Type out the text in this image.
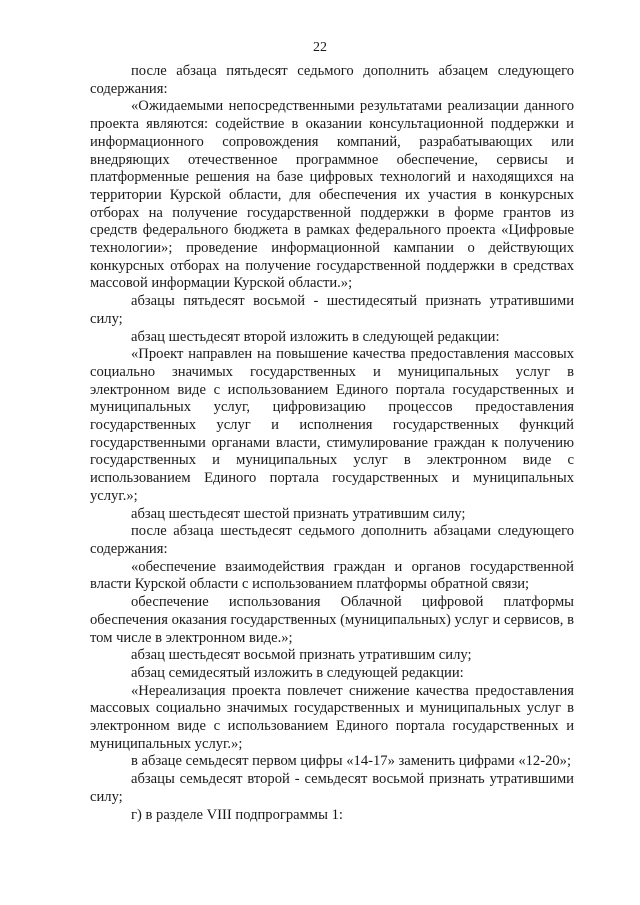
22

после абзаца пятьдесят седьмого дополнить абзацем следующего содержания:

«Ожидаемыми непосредственными результатами реализации данного проекта являются: содействие в оказании консультационной поддержки и информационного сопровождения компаний, разрабатывающих или внедряющих отечественное программное обеспечение, сервисы и платформенные решения на базе цифровых технологий и находящихся на территории Курской области, для обеспечения их участия в конкурсных отборах на получение государственной поддержки в форме грантов из средств федерального бюджета в рамках федерального проекта «Цифровые технологии»; проведение информационной кампании о действующих конкурсных отборах на получение государственной поддержки в средствах массовой информации Курской области.»;

абзацы пятьдесят восьмой - шестидесятый признать утратившими силу;

абзац шестьдесят второй изложить в следующей редакции:

«Проект направлен на повышение качества предоставления массовых социально значимых государственных и муниципальных услуг в электронном виде с использованием Единого портала государственных и муниципальных услуг, цифровизацию процессов предоставления государственных услуг и исполнения государственных функций государственными органами власти, стимулирование граждан к получению государственных и муниципальных услуг в электронном виде с использованием Единого портала государственных и муниципальных услуг.»;

абзац шестьдесят шестой признать утратившим силу;

после абзаца шестьдесят седьмого дополнить абзацами следующего содержания:

«обеспечение взаимодействия граждан и органов государственной власти Курской области с использованием платформы обратной связи;

обеспечение использования Облачной цифровой платформы обеспечения оказания государственных (муниципальных) услуг и сервисов, в том числе в электронном виде.»;

абзац шестьдесят восьмой признать утратившим силу;

абзац семидесятый изложить в следующей редакции:

«Нереализация проекта повлечет снижение качества предоставления массовых социально значимых государственных и муниципальных услуг в электронном виде с использованием Единого портала государственных и муниципальных услуг.»;

в абзаце семьдесят первом цифры «14-17» заменить цифрами «12-20»;

абзацы семьдесят второй - семьдесят восьмой признать утратившими силу;

г) в разделе VIII подпрограммы 1:
